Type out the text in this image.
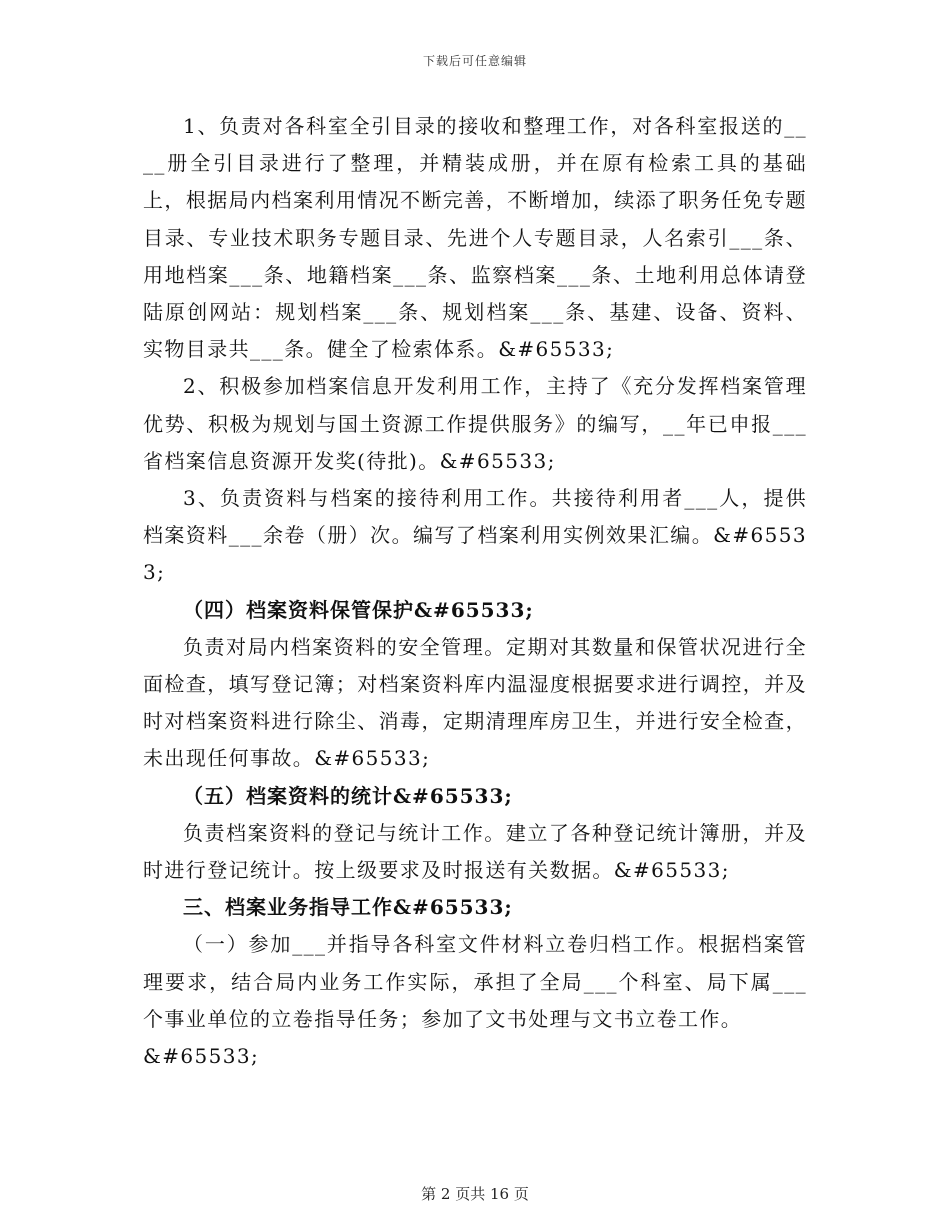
下载后可任意编辑

1、负责对各科室全引目录的接收和整理工作，对各科室报送的____册全引目录进行了整理，并精装成册，并在原有检索工具的基础上，根据局内档案利用情况不断完善，不断增加，续添了职务任免专题目录、专业技术职务专题目录、先进个人专题目录，人名索引___条、用地档案___条、地籍档案___条、监察档案___条、土地利用总体请登陆原创网站：规划档案___条、规划档案___条、基建、设备、资料、实物目录共___条。健全了检索体系。&#65533;

2、积极参加档案信息开发利用工作，主持了《充分发挥档案管理优势、积极为规划与国土资源工作提供服务》的编写，__年已申报___省档案信息资源开发奖(待批)。&#65533;

3、负责资料与档案的接待利用工作。共接待利用者___人，提供档案资料___余卷（册）次。编写了档案利用实例效果汇编。&#65533;

（四）档案资料保管保护&#65533;

负责对局内档案资料的安全管理。定期对其数量和保管状况进行全面检查，填写登记簿；对档案资料库内温湿度根据要求进行调控，并及时对档案资料进行除尘、消毒，定期清理库房卫生，并进行安全检查，未出现任何事故。&#65533;

（五）档案资料的统计&#65533;

负责档案资料的登记与统计工作。建立了各种登记统计簿册，并及时进行登记统计。按上级要求及时报送有关数据。&#65533;

三、档案业务指导工作&#65533;

（一）参加___并指导各科室文件材料立卷归档工作。根据档案管理要求，结合局内业务工作实际，承担了全局___个科室、局下属___个事业单位的立卷指导任务；参加了文书处理与文书立卷工作。

&#65533;

第 2 页共 16 页
